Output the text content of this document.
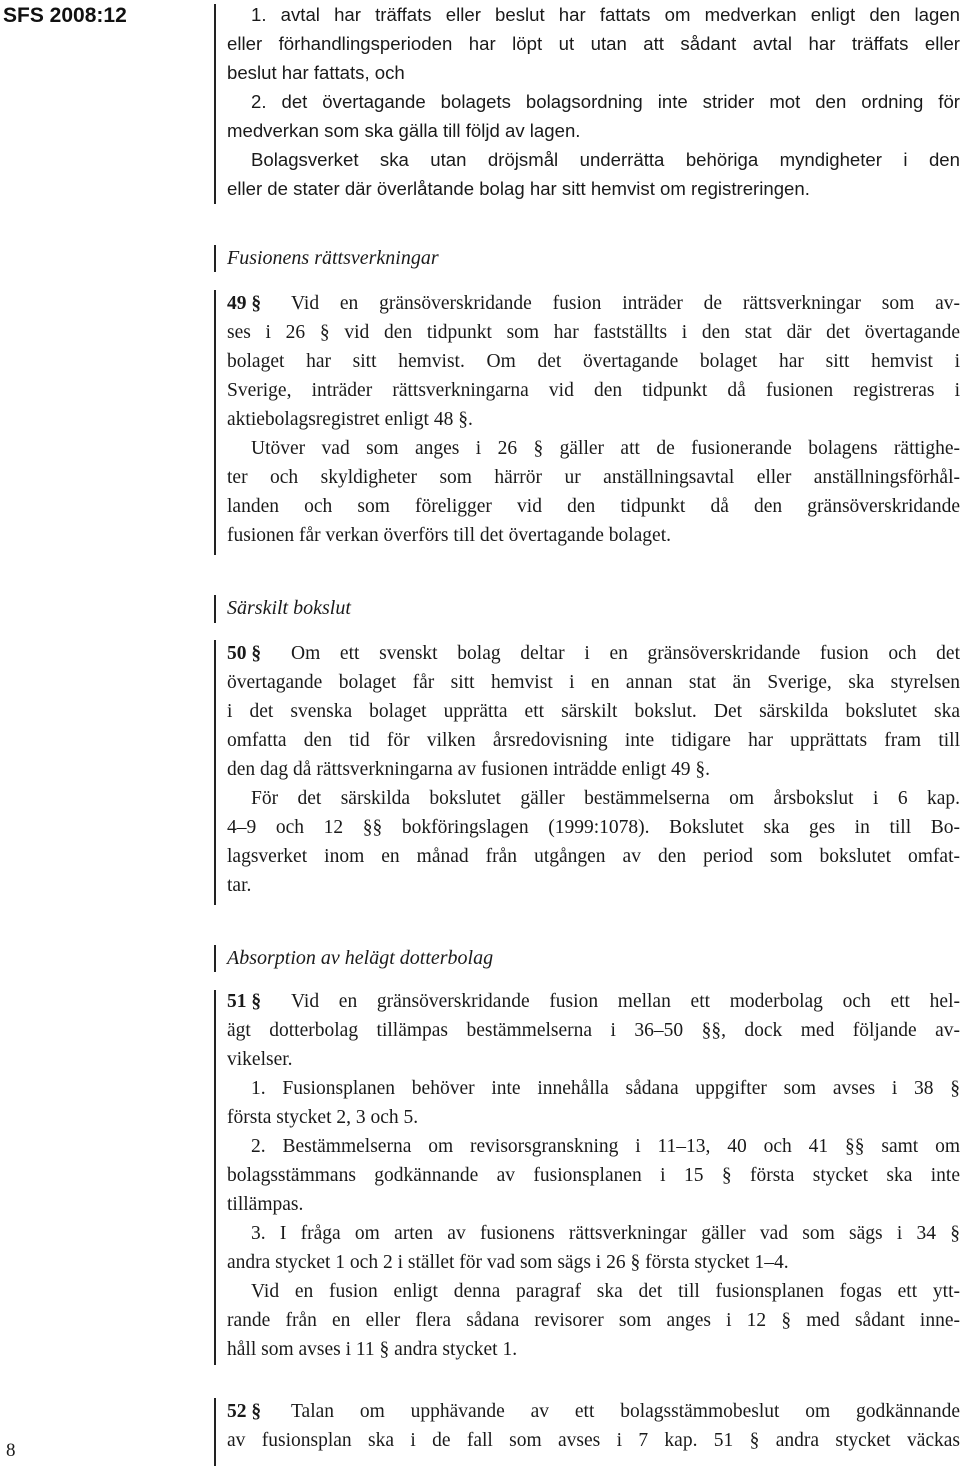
SFS 2008:12
8
1. avtal har träffats eller beslut har fattats om medverkan enligt den lagen
eller förhandlingsperioden har löpt ut utan att sådant avtal har träffats eller
beslut har fattats, och
2. det övertagande bolagets bolagsordning inte strider mot den ordning för
medverkan som ska gälla till följd av lagen.
Bolagsverket ska utan dröjsmål underrätta behöriga myndigheter i den
eller de stater där överlåtande bolag har sitt hemvist om registreringen.
Fusionens rättsverkningar
49 § Vid en gränsöverskridande fusion inträder de rättsverkningar som av-
ses i 26 § vid den tidpunkt som har fastställts i den stat där det övertagande
bolaget har sitt hemvist. Om det övertagande bolaget har sitt hemvist i
Sverige, inträder rättsverkningarna vid den tidpunkt då fusionen registreras i
aktiebolagsregistret enligt 48 §.
Utöver vad som anges i 26 § gäller att de fusionerande bolagens rättighe-
ter och skyldigheter som härrör ur anställningsavtal eller anställningsförhål-
landen och som föreligger vid den tidpunkt då den gränsöverskridande
fusionen får verkan överförs till det övertagande bolaget.
Särskilt bokslut
50 § Om ett svenskt bolag deltar i en gränsöverskridande fusion och det
övertagande bolaget får sitt hemvist i en annan stat än Sverige, ska styrelsen
i det svenska bolaget upprätta ett särskilt bokslut. Det särskilda bokslutet ska
omfatta den tid för vilken årsredovisning inte tidigare har upprättats fram till
den dag då rättsverkningarna av fusionen inträdde enligt 49 §.
För det särskilda bokslutet gäller bestämmelserna om årsbokslut i 6 kap.
4–9 och 12 §§ bokföringslagen (1999:1078). Bokslutet ska ges in till Bo-
lagsverket inom en månad från utgången av den period som bokslutet omfat-
tar.
Absorption av helägt dotterbolag
51 § Vid en gränsöverskridande fusion mellan ett moderbolag och ett hel-
ägt dotterbolag tillämpas bestämmelserna i 36–50 §§, dock med följande av-
vikelser.
1. Fusionsplanen behöver inte innehålla sådana uppgifter som avses i 38 §
första stycket 2, 3 och 5.
2. Bestämmelserna om revisorsgranskning i 11–13, 40 och 41 §§ samt om
bolagsstämmans godkännande av fusionsplanen i 15 § första stycket ska inte
tillämpas.
3. I fråga om arten av fusionens rättsverkningar gäller vad som sägs i 34 §
andra stycket 1 och 2 i stället för vad som sägs i 26 § första stycket 1–4.
Vid en fusion enligt denna paragraf ska det till fusionsplanen fogas ett ytt-
rande från en eller flera sådana revisorer som anges i 12 § med sådant inne-
håll som avses i 11 § andra stycket 1.
52 § Talan om upphävande av ett bolagsstämmobeslut om godkännande
av fusionsplan ska i de fall som avses i 7 kap. 51 § andra stycket väckas
